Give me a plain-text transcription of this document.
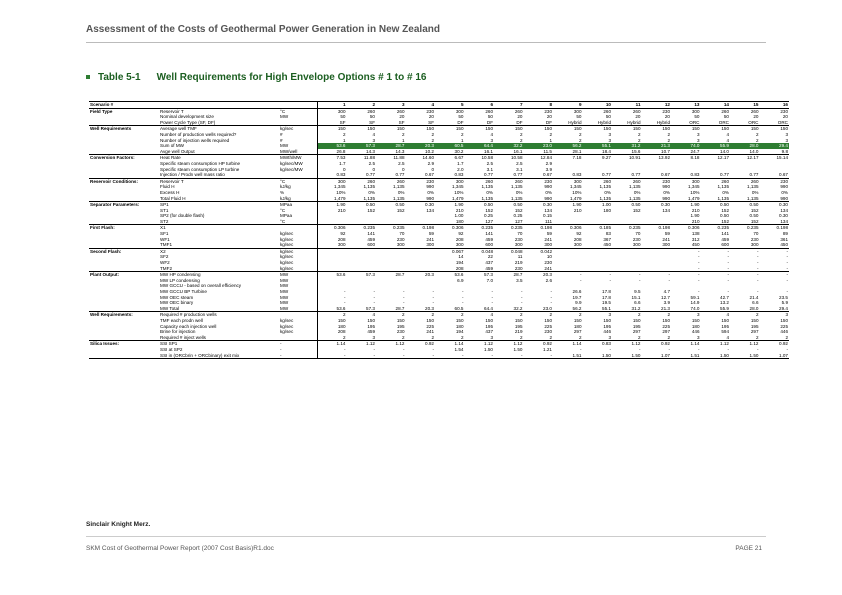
Assessment of the Costs of Geothermal Power Generation in New Zealand
Table 5-1 Well Requirements for High Envelope Options # 1 to # 16
Scenario #			1	2	3	4	5	6	7	8	9	10	11	12	13	14	15	16
Field Type	Reservoir T	°C	300	260	260	230	300	260	260	230	300	260	260	230	300	260	260	230
	Nominal development size	MW	50	50	20	20	50	50	20	20	50	50	20	20	50	50	20	20
	Power Cycle Type (SF, DF)		SF	SF	SF	SF	DF	DF	DF	DF	Hybrid	Hybrid	Hybrid	Hybrid	ORC	ORC	ORC	ORC
Well Requirements	Average well TMF	kg/sec	150	150	150	150	150	150	150	150	150	150	150	150	150	150	150	150
	Number of production wells required?	#	2	4	2	2	2	4	2	2	2	3	2	2	3	4	2	3
	Number of injection wells required	#	1	3	1	2	1	3	2	1	2	3	2	2	3	4	2	3
	Sum of MW	MW	53.6	57.3	28.7	20.3	60.5	64.4	32.2	23.0	56.2	55.1	31.2	21.3	74.0	55.9	28.0	29.4
	Avge well Output	MW/well	26.8	14.3	14.3	10.2	30.2	16.1	16.1	11.5	28.1	18.4	15.6	10.7	24.7	14.0	14.0	9.8
Conversion Factors:	Heat Rate	MWth/MW	7.53	11.88	11.88	14.60	6.67	10.58	10.58	12.84	7.18	9.27	10.91	13.92	8.18	12.17	12.17	15.14
	Specific steam consumption HP turbine	kg/sec/MW	1.7	2.5	2.5	2.9	1.7	2.5	2.5	2.9								
	Specific steam consumption LP turbine	kg/sec/MW	0	0	0	0	2.0	3.1	3.1	3.9								
	Injection / Prodn well mass ratio		0.83	0.77	0.77	0.67	0.83	0.77	0.77	0.67	0.83	0.77	0.77	0.67	0.83	0.77	0.77	0.67
Reservoir Conditions:	Reservoir T	°C	300	260	260	230	300	260	260	230	300	260	260	230	300	260	260	230
	Fluid H	kJ/kg	1,345	1,135	1,135	990	1,345	1,135	1,135	990	1,345	1,135	1,135	990	1,345	1,135	1,135	990
	Excess H	%	10%	0%	0%	0%	10%	0%	0%	0%	10%	0%	0%	0%	10%	0%	0%	0%
	Total Fluid H	kJ/kg	1,479	1,135	1,135	990	1,479	1,135	1,135	990	1,479	1,135	1,135	990	1,479	1,135	1,135	990
Separator Parameters:	SP1	MPaa	1.90	0.50	0.50	0.30	1.90	0.50	0.50	0.30	1.90	1.00	0.50	0.30	1.90	0.50	0.50	0.30
	ST1	°C	210	152	152	134	210	152	152	134	210	180	152	134	210	152	152	134
	SP2 (for double flash)	MPaa					1.00	0.25	0.25	0.15					1.90	0.50	0.50	0.30
	ST2	°C					180	127	127	111					210	152	152	134
First Flash:	X1		0.306	0.235	0.235	0.198	0.306	0.235	0.235	0.198	0.306	0.185	0.235	0.198	0.306	0.235	0.235	0.198
	SF1	kg/sec	92	141	70	59	92	141	70	59	92	83	70	59	138	141	70	89
	WF1	kg/sec	208	459	230	241	208	459	230	241	208	367	230	241	312	459	230	361
	TMF1	kg/sec	300	600	300	300	300	600	300	300	300	450	300	300	450	600	300	450
Second Flash:	X2	kg/sec					0.067	0.048	0.048	0.042					-	-	-	-
	SF2	kg/sec					14	22	11	10					-	-	-	-
	WF2	kg/sec					194	437	219	230					-	-	-	-
	TMF2	kg/sec					208	459	230	241					-	-	-	-
Plant Output:	MW HP condensing	MW	53.6	57.3	28.7	20.3	53.6	57.3	28.7	20.3	-	-	-	-	-	-	-	-
	MW LP condensing	MW					6.9	7.0	3.5	2.6	-	-	-	-	-	-	-	-
	MW GCCU - based on overall efficiency	MW																
	MW GCCU BP Turbine	MW	-	-	-	-	-	-	-	-	26.6	17.8	9.5	4.7	-	-	-	-
	MW OEC steam	MW	-	-	-	-	-	-	-	-	19.7	17.8	15.1	12.7	59.1	42.7	21.4	23.5
	MW OEC binary	MW	-	-	-	-	-	-	-	-	9.9	19.5	6.6	3.9	14.9	13.2	6.6	5.9
	MW Total	MW	53.6	57.3	28.7	20.3	60.5	64.4	32.2	23.0	56.2	55.1	31.2	21.3	74.0	55.9	28.0	29.4
Well Requirements:	Required # production wells		2	4	2	2	2	4	2	2	2	3	2	2	3	4	2	3
	TMF each prodn well	kg/sec	150	150	150	150	150	150	150	150	150	150	150	150	150	150	150	150
	Capacity each injection well	kg/sec	180	195	195	225	180	195	195	225	180	195	195	225	180	195	195	225
	Brine for injection	kg/sec	208	459	230	241	194	437	219	230	297	446	297	297	446	594	297	446
	Required # inject wells		2	3	2	2	2	3	2	2	2	3	2	2	3	4	2	2
Silica Issues:	SSI SP1	-	1.14	1.12	1.12	0.92	1.14	1.12	1.12	0.92	1.14	0.83	1.12	0.92	1.14	1.12	1.12	0.92
	SSI at SP2	-	-	-	-	-	1.54	1.50	1.50	1.21	-	-	-	-	-	-	-	-
	SSI in (ORCbrin + ORCbinary) exit mix	-	-	-	-	-	-	-	-	-	1.51	1.50	1.50	1.07	1.51	1.50	1.50	1.07
Sinclair Knight Merz.
SKM Cost of Geothermal Power Report (2007 Cost Basis)R1.doc	PAGE 21
